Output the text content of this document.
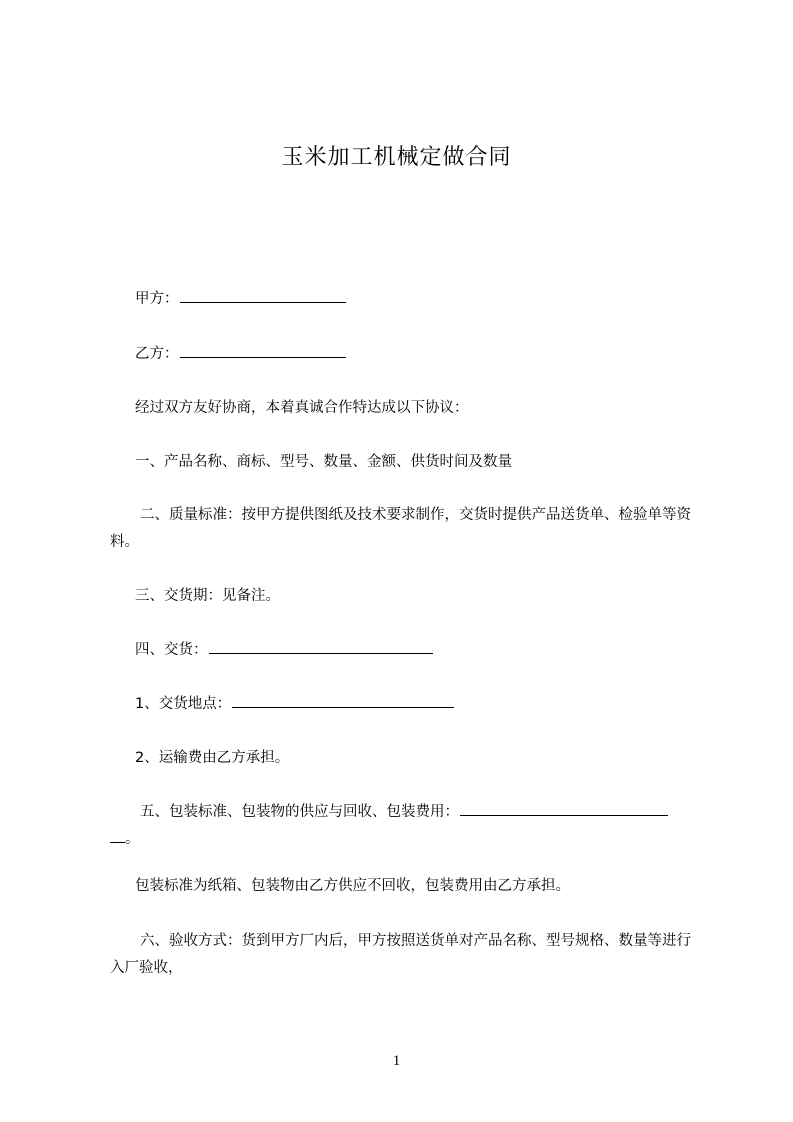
玉米加工机械定做合同

甲方：

乙方：

经过双方友好协商，本着真诚合作特达成以下协议：

一、产品名称、商标、型号、数量、金额、供货时间及数量

二、质量标准：按甲方提供图纸及技术要求制作，交货时提供产品送货单、检验单等资料。

三、交货期：见备注。

四、交货：

1、交货地点：

2、运输费由乙方承担。

五、包装标准、包装物的供应与回收、包装费用：

。

包装标准为纸箱、包装物由乙方供应不回收，包装费用由乙方承担。

六、验收方式：货到甲方厂内后，甲方按照送货单对产品名称、型号规格、数量等进行入厂验收，

1
